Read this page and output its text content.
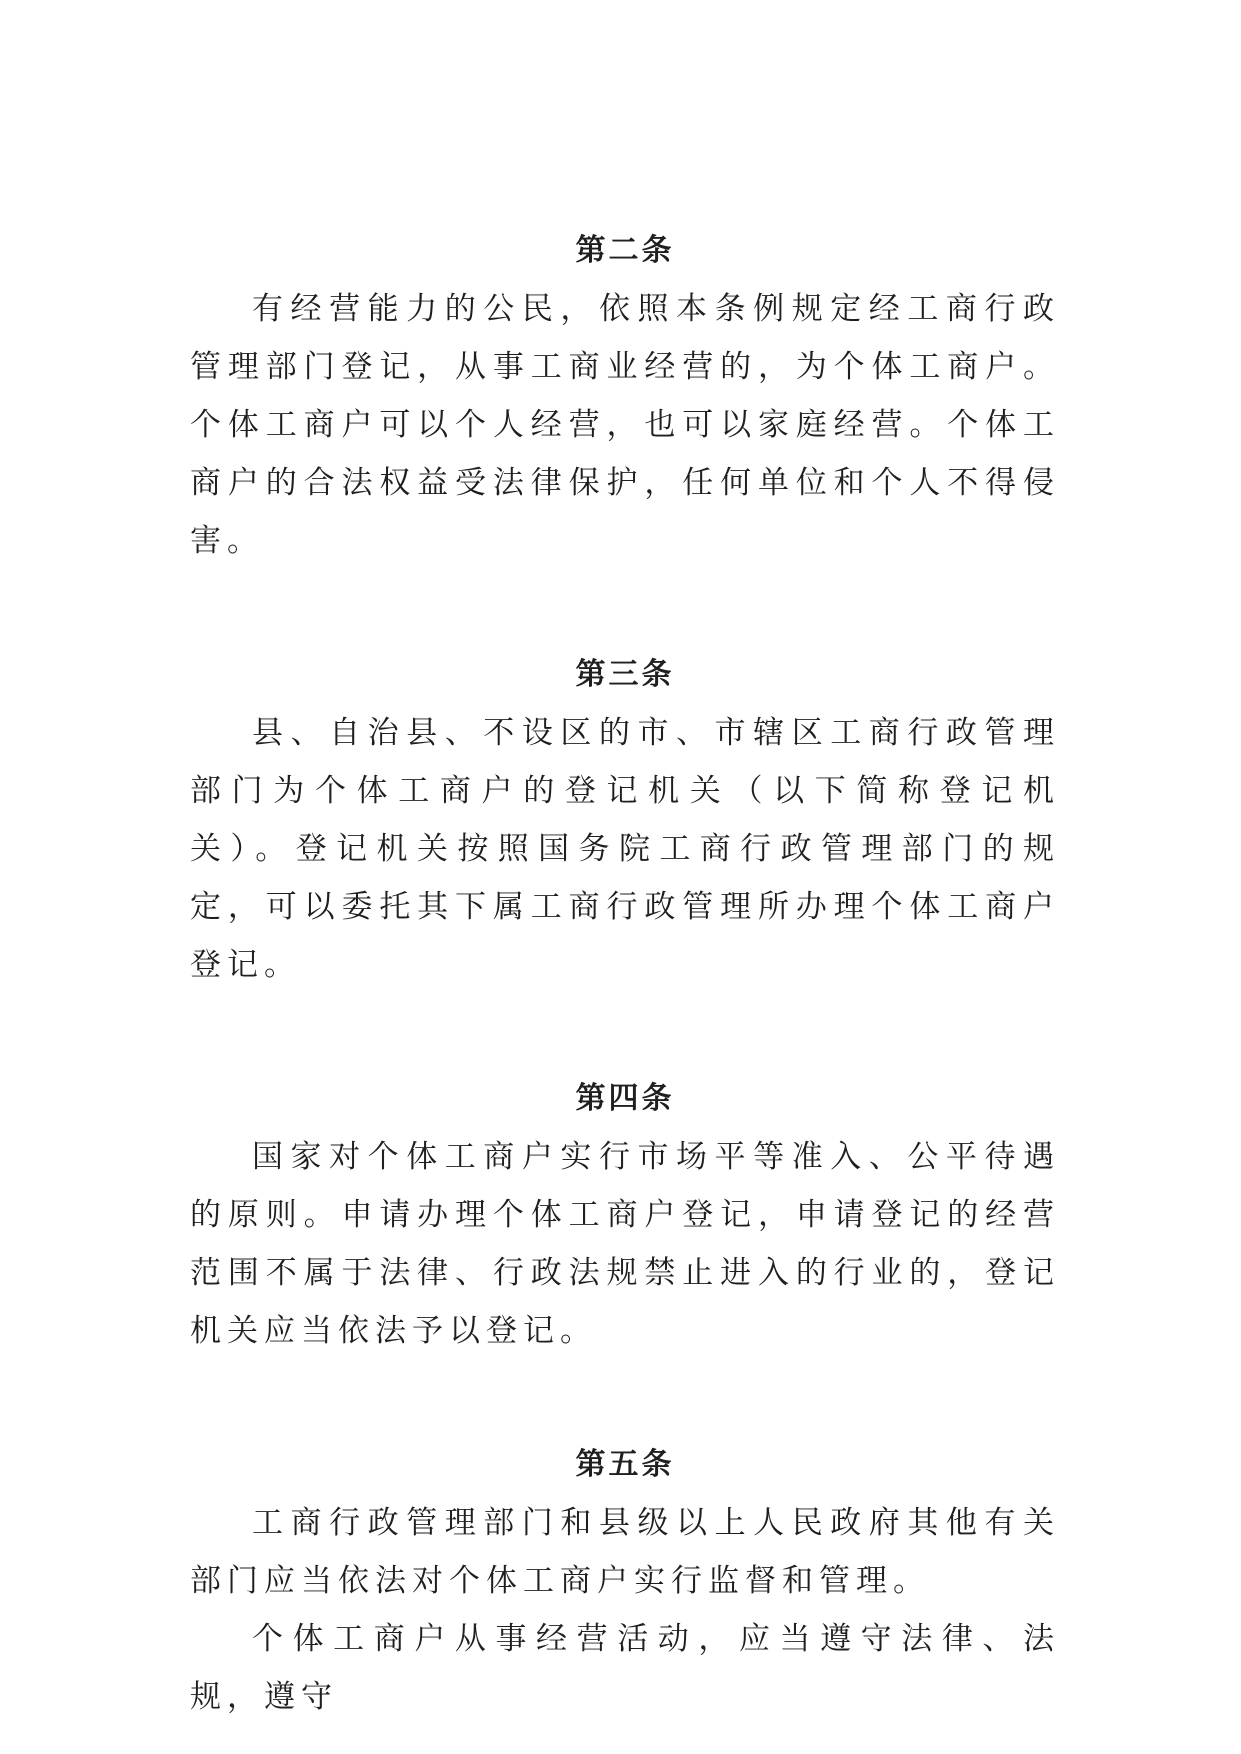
第二条

有经营能力的公民，依照本条例规定经工商行政管理部门登记，从事工商业经营的，为个体工商户。个体工商户可以个人经营，也可以家庭经营。个体工商户的合法权益受法律保护，任何单位和个人不得侵害。

第三条

县、自治县、不设区的市、市辖区工商行政管理部门为个体工商户的登记机关（以下简称登记机关）。登记机关按照国务院工商行政管理部门的规定，可以委托其下属工商行政管理所办理个体工商户登记。

第四条

国家对个体工商户实行市场平等准入、公平待遇的原则。申请办理个体工商户登记，申请登记的经营范围不属于法律、行政法规禁止进入的行业的，登记机关应当依法予以登记。

第五条

工商行政管理部门和县级以上人民政府其他有关部门应当依法对个体工商户实行监督和管理。

个体工商户从事经营活动，应当遵守法律、法规，遵守
